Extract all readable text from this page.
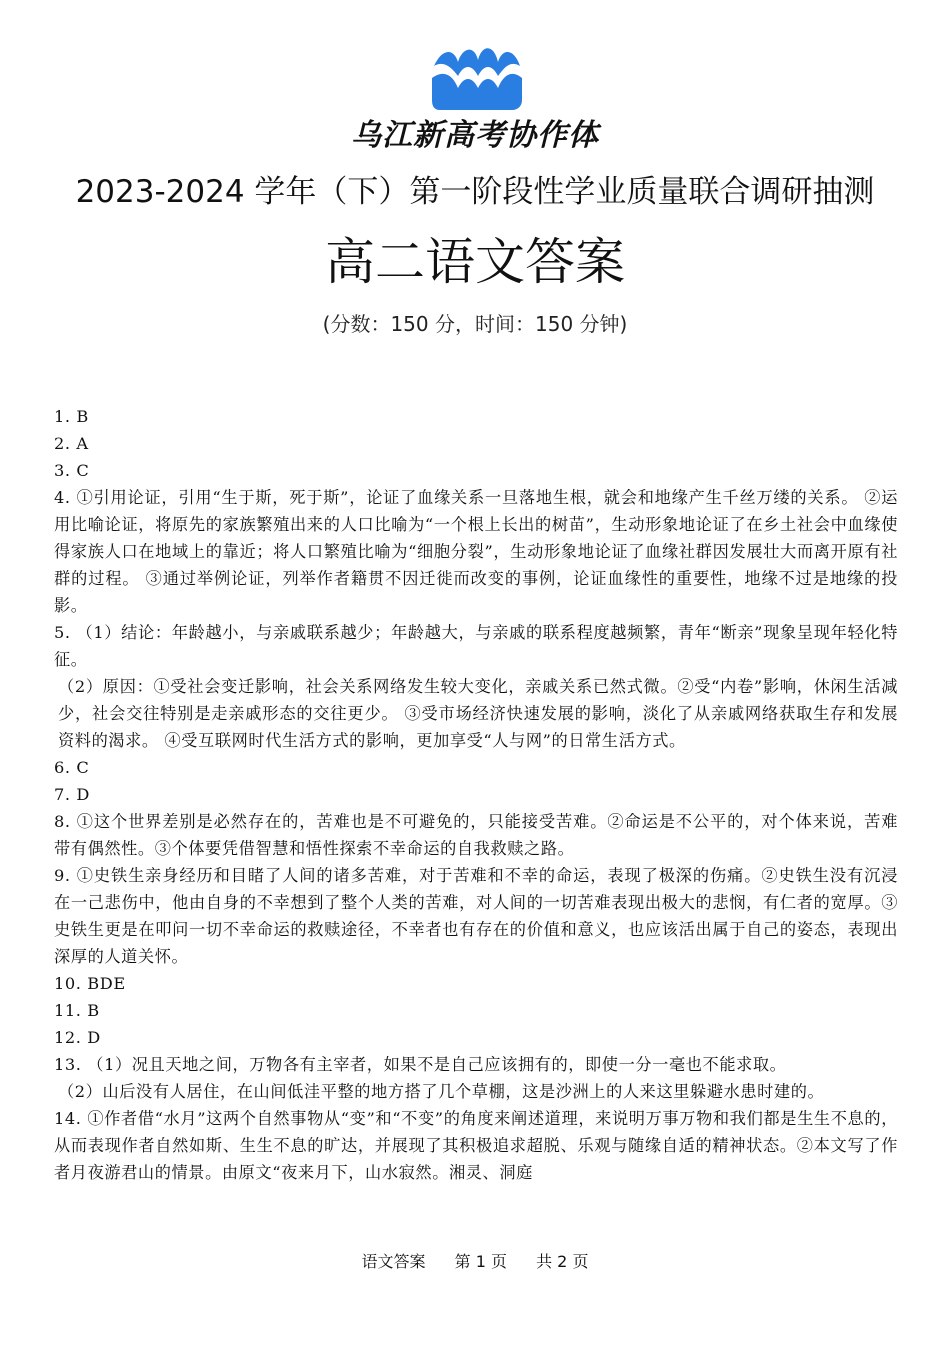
乌江新高考协作体
2023-2024 学年（下）第一阶段性学业质量联合调研抽测
高二语文答案
(分数：150 分，时间：150 分钟)

1. B

2. A

3. C

4. ①引用论证，引用“生于斯，死于斯”，论证了血缘关系一旦落地生根，就会和地缘产生千丝万缕的关系。 ②运用比喻论证，将原先的家族繁殖出来的人口比喻为“一个根上长出的树苗”，生动形象地论证了在乡土社会中血缘使得家族人口在地域上的靠近；将人口繁殖比喻为“细胞分裂”，生动形象地论证了血缘社群因发展壮大而离开原有社群的过程。 ③通过举例论证，列举作者籍贯不因迁徙而改变的事例，论证血缘性的重要性，地缘不过是地缘的投影。

5. （1）结论：年龄越小，与亲戚联系越少；年龄越大，与亲戚的联系程度越频繁，青年“断亲”现象呈现年轻化特征。

（2）原因：①受社会变迁影响，社会关系网络发生较大变化，亲戚关系已然式微。②受“内卷”影响，休闲生活减少，社会交往特别是走亲戚形态的交往更少。 ③受市场经济快速发展的影响，淡化了从亲戚网络获取生存和发展资料的渴求。 ④受互联网时代生活方式的影响，更加享受“人与网”的日常生活方式。

6. C

7. D

8. ①这个世界差别是必然存在的，苦难也是不可避免的，只能接受苦难。②命运是不公平的，对个体来说，苦难带有偶然性。③个体要凭借智慧和悟性探索不幸命运的自我救赎之路。

9. ①史铁生亲身经历和目睹了人间的诸多苦难，对于苦难和不幸的命运，表现了极深的伤痛。②史铁生没有沉浸在一己悲伤中，他由自身的不幸想到了整个人类的苦难，对人间的一切苦难表现出极大的悲悯，有仁者的宽厚。③史铁生更是在叩问一切不幸命运的救赎途径，不幸者也有存在的价值和意义，也应该活出属于自己的姿态，表现出深厚的人道关怀。

10. BDE

11. B

12. D

13. （1）况且天地之间，万物各有主宰者，如果不是自己应该拥有的，即使一分一毫也不能求取。

（2）山后没有人居住，在山间低洼平整的地方搭了几个草棚，这是沙洲上的人来这里躲避水患时建的。

14. ①作者借“水月”这两个自然事物从“变”和“不变”的角度来阐述道理，来说明万事万物和我们都是生生不息的，从而表现作者自然如斯、生生不息的旷达，并展现了其积极追求超脱、乐观与随缘自适的精神状态。②本文写了作者月夜游君山的情景。由原文“夜来月下，山水寂然。湘灵、洞庭

语文答案 第 1 页 共 2 页
